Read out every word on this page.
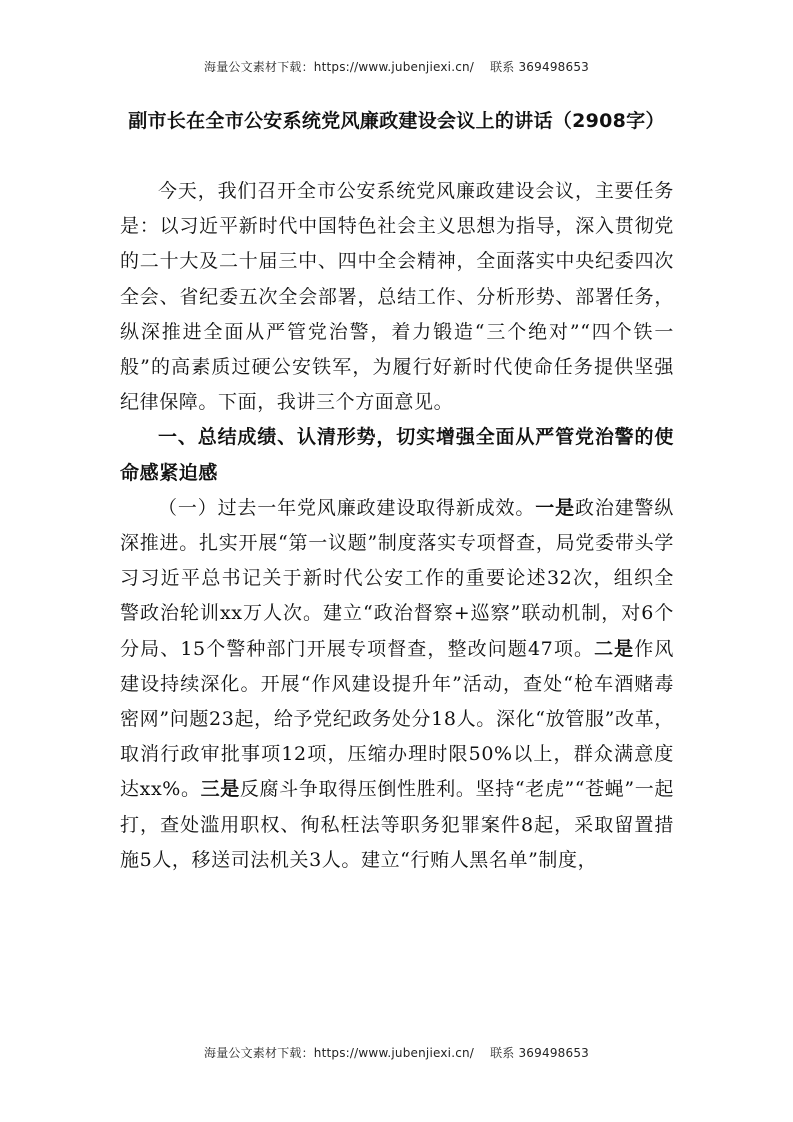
海量公文素材下载：https://www.jubenjiexi.cn/ 联系 369498653
副市长在全市公安系统党风廉政建设会议上的讲话（2908字）

今天，我们召开全市公安系统党风廉政建设会议，主要任务是：以习近平新时代中国特色社会主义思想为指导，深入贯彻党的二十大及二十届三中、四中全会精神，全面落实中央纪委四次全会、省纪委五次全会部署，总结工作、分析形势、部署任务，纵深推进全面从严管党治警，着力锻造“三个绝对”“四个铁一般”的高素质过硬公安铁军，为履行好新时代使命任务提供坚强纪律保障。下面，我讲三个方面意见。

一、总结成绩、认清形势，切实增强全面从严管党治警的使命感紧迫感

（一）过去一年党风廉政建设取得新成效。一是政治建警纵深推进。扎实开展“第一议题”制度落实专项督查，局党委带头学习习近平总书记关于新时代公安工作的重要论述32次，组织全警政治轮训xx万人次。建立“政治督察+巡察”联动机制，对6个分局、15个警种部门开展专项督查，整改问题47项。二是作风建设持续深化。开展“作风建设提升年”活动，查处“枪车酒赌毒密网”问题23起，给予党纪政务处分18人。深化“放管服”改革，取消行政审批事项12项，压缩办理时限50%以上，群众满意度达xx%。三是反腐斗争取得压倒性胜利。坚持“老虎”“苍蝇”一起打，查处滥用职权、徇私枉法等职务犯罪案件8起，采取留置措施5人，移送司法机关3人。建立“行贿人黑名单”制度，

海量公文素材下载：https://www.jubenjiexi.cn/ 联系 369498653
